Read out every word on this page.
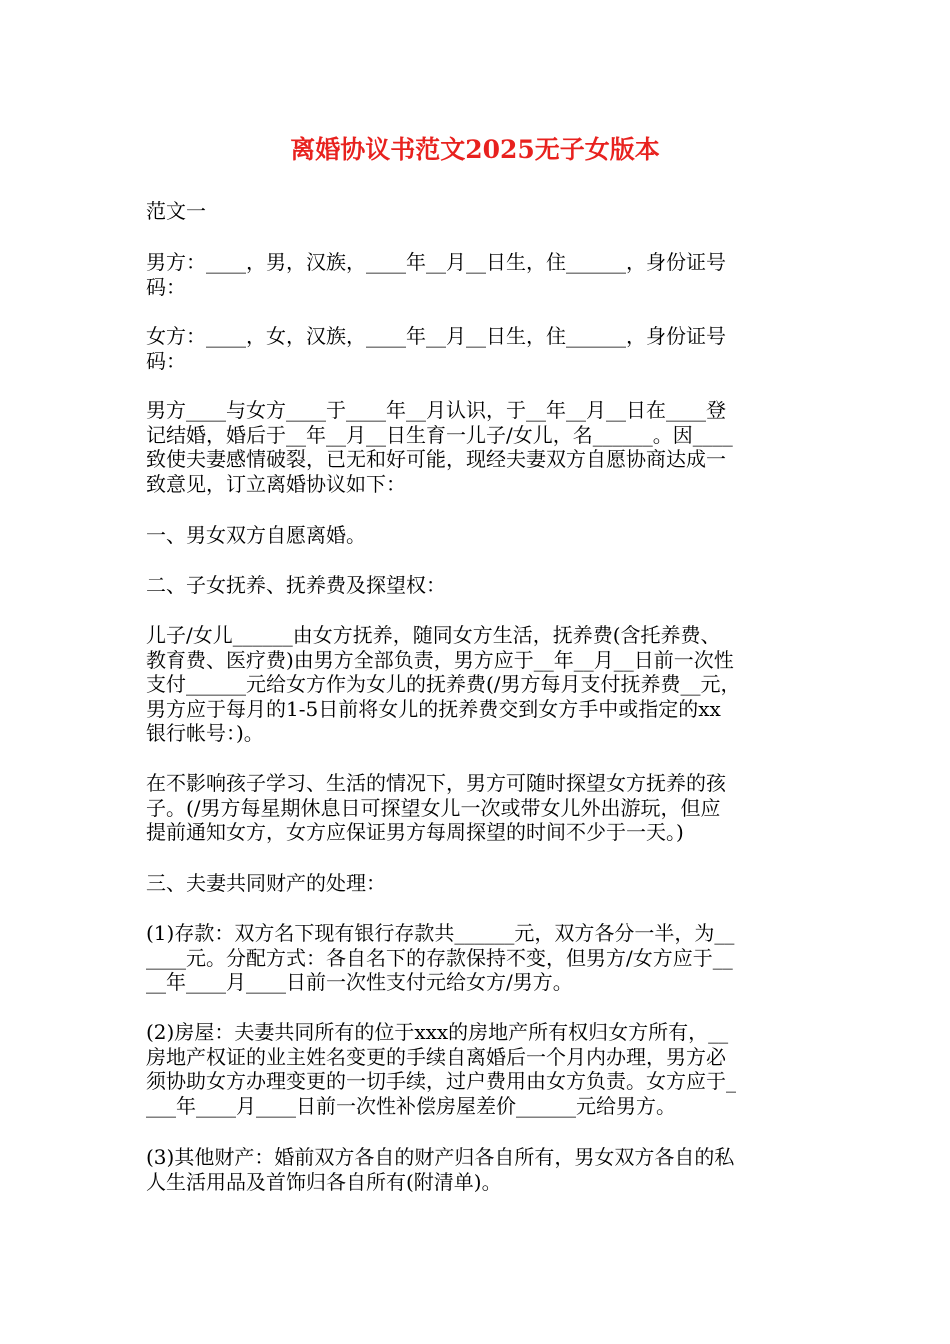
离婚协议书范文2025无子女版本
范文一
男方：____，男，汉族，____年__月__日生，住______，身份证号
码：
女方：____，女，汉族，____年__月__日生，住______，身份证号
码：
男方____与女方____于____年__月认识，于__年__月__日在____登
记结婚，婚后于__年__月__日生育一儿子/女儿，名______。因____
致使夫妻感情破裂，已无和好可能，现经夫妻双方自愿协商达成一
致意见，订立离婚协议如下：
一、男女双方自愿离婚。
二、子女抚养、抚养费及探望权：
儿子/女儿______由女方抚养，随同女方生活，抚养费(含托养费、
教育费、医疗费)由男方全部负责，男方应于__年__月__日前一次性
支付______元给女方作为女儿的抚养费(/男方每月支付抚养费__元，
男方应于每月的1-5日前将女儿的抚养费交到女方手中或指定的xx
银行帐号：)。
在不影响孩子学习、生活的情况下，男方可随时探望女方抚养的孩
子。(/男方每星期休息日可探望女儿一次或带女儿外出游玩，但应
提前通知女方，女方应保证男方每周探望的时间不少于一天。)
三、夫妻共同财产的处理：
(1)存款：双方名下现有银行存款共______元，双方各分一半，为__
____元。分配方式：各自名下的存款保持不变，但男方/女方应于__
__年____月____日前一次性支付元给女方/男方。
(2)房屋：夫妻共同所有的位于xxx的房地产所有权归女方所有，__
房地产权证的业主姓名变更的手续自离婚后一个月内办理，男方必
须协助女方办理变更的一切手续，过户费用由女方负责。女方应于_
___年____月____日前一次性补偿房屋差价______元给男方。
(3)其他财产：婚前双方各自的财产归各自所有，男女双方各自的私
人生活用品及首饰归各自所有(附清单)。
